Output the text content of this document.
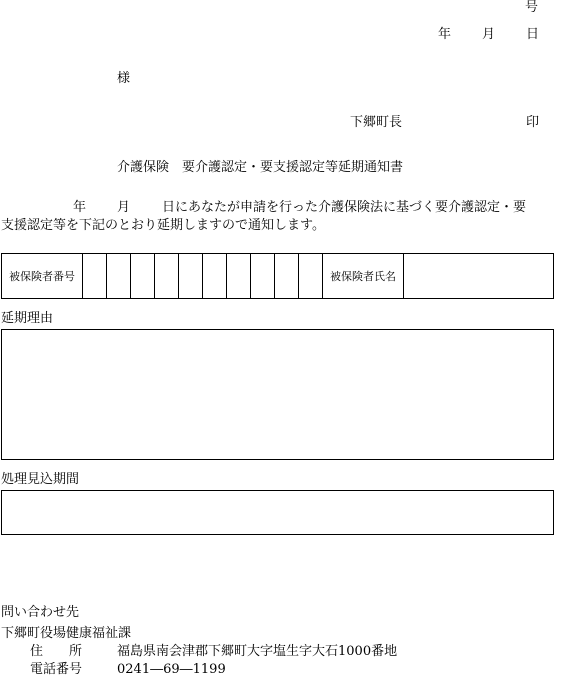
号
年 月 日
様
下郷町長	印
介護保険　要介護認定・要支援認定等延期通知書
年 月 日にあなたが申請を行った介護保険法に基づく要介護認定・要
支援認定等を下記のとおり延期しますので通知します。
被保険者番号											被保険者氏名	
延期理由
処理見込期間
問い合わせ先
下郷町役場健康福祉課
住　　所	福島県南会津郡下郷町大字塩生字大石1000番地
電話番号	0241―69―1199
